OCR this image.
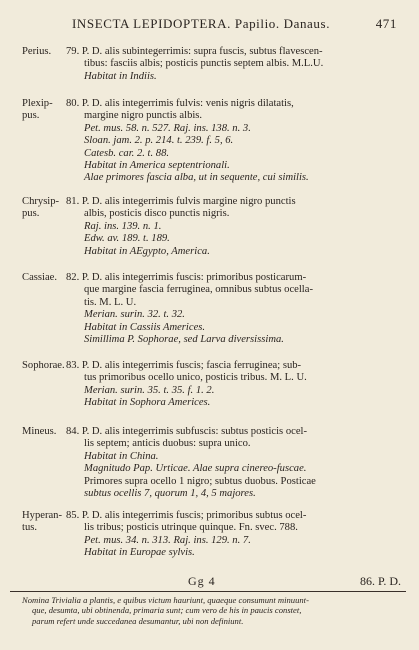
INSECTA LEPIDOPTERA. Papilio. Danaus.	471
Perius.	79. P. D. alis subintegerrimis: supra fuscis, subtus flavescen-
tibus: fasciis albis; posticis punctis septem albis. M.L.U.
Habitat in Indiis.
Plexip-
pus.
80. P. D. alis integerrimis fulvis: venis nigris dilatatis,
margine nigro punctis albis.
Pet. mus. 58. n. 527. Raj. ins. 138. n. 3.
Sloan. jam. 2. p. 214. t. 239. f. 5, 6.
Catesb. car. 2. t. 88.
Habitat in America septentrionali.
Alae primores fascia alba, ut in sequente, cui similis.
Chrysip-
pus.
81. P. D. alis integerrimis fulvis margine nigro punctis
albis, posticis disco punctis nigris.
Raj. ins. 139. n. 1.
Edw. av. 189. t. 189.
Habitat in AEgypto, America.
Cassiae. 82. P. D. alis integerrimis fuscis: primoribus posticarum-
que margine fascia ferruginea, omnibus subtus ocella-
tis. M. L. U.
Merian. surin. 32. t. 32.
Habitat in Cassiis Americes.
Simillima P. Sophorae, sed Larva diversissima.
Sophorae. 83. P. D. alis integerrimis fuscis; fascia ferruginea; sub-
tus primoribus ocello unico, posticis tribus. M. L. U.
Merian. surin. 35. t. 35. f. 1. 2.
Habitat in Sophora Americes.
Mineus. 84. P. D. alis integerrimis subfuscis: subtus posticis ocel-
lis septem; anticis duobus: supra unico.
Habitat in China.
Magnitudo Pap. Urticae. Alae supra cinereo-fuscae.
Primores supra ocello 1 nigro; subtus duobus. Posticae
subtus ocellis 7, quorum 1, 4, 5 majores.
Hyperan-
tus.
85. P. D. alis integerrimis fuscis; primoribus subtus ocel-
lis tribus; posticis utrinque quinque. Fn. svec. 788.
Pet. mus. 34. n. 313. Raj. ins. 129. n. 7.
Habitat in Europae sylvis.
Gg 4	86. P. D.
Nomina Trivialia a plantis, e quibus victum hauriunt, quaeque consumunt minuunt-
que, desumta, ubi obtinenda, primaria sunt; cum vero de his in paucis constet,
parum refert unde succedanea desumantur, ubi non definiunt.
